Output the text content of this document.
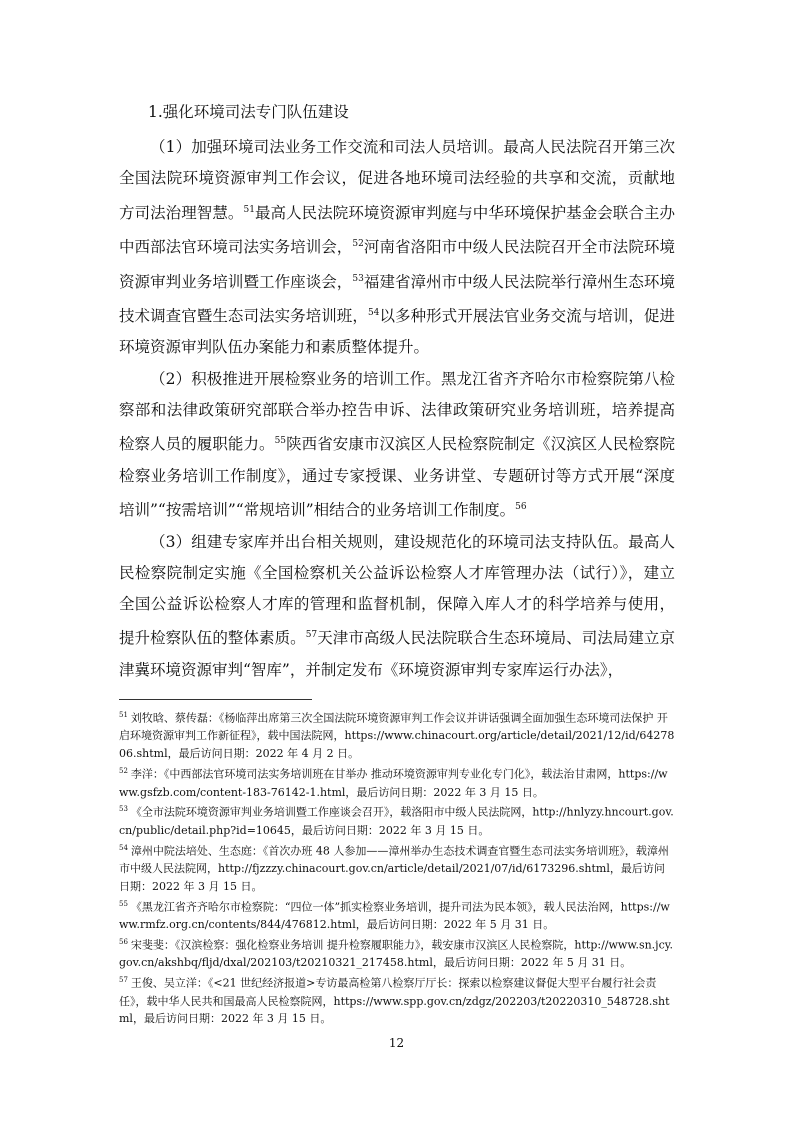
1.强化环境司法专门队伍建设

（1）加强环境司法业务工作交流和司法人员培训。最高人民法院召开第三次全国法院环境资源审判工作会议，促进各地环境司法经验的共享和交流，贡献地方司法治理智慧。$^{51}$最高人民法院环境资源审判庭与中华环境保护基金会联合主办中西部法官环境司法实务培训会，$^{52}$河南省洛阳市中级人民法院召开全市法院环境资源审判业务培训暨工作座谈会，$^{53}$福建省漳州市中级人民法院举行漳州生态环境技术调查官暨生态司法实务培训班，$^{54}$以多种形式开展法官业务交流与培训，促进环境资源审判队伍办案能力和素质整体提升。

（2）积极推进开展检察业务的培训工作。黑龙江省齐齐哈尔市检察院第八检察部和法律政策研究部联合举办控告申诉、法律政策研究业务培训班，培养提高检察人员的履职能力。$^{55}$陕西省安康市汉滨区人民检察院制定《汉滨区人民检察院检察业务培训工作制度》，通过专家授课、业务讲堂、专题研讨等方式开展“深度培训”“按需培训”“常规培训”相结合的业务培训工作制度。$^{56}$

（3）组建专家库并出台相关规则，建设规范化的环境司法支持队伍。最高人民检察院制定实施《全国检察机关公益诉讼检察人才库管理办法（试行）》，建立全国公益诉讼检察人才库的管理和监督机制，保障入库人才的科学培养与使用，提升检察队伍的整体素质。$^{57}$天津市高级人民法院联合生态环境局、司法局建立京津冀环境资源审判“智库”，并制定发布《环境资源审判专家库运行办法》，

$^{51}$ 刘牧晗、蔡传磊：《杨临萍出席第三次全国法院环境资源审判工作会议并讲话强调全面加强生态环境司法保护 开启环境资源审判工作新征程》，载中国法院网，https://www.chinacourt.org/article/detail/2021/12/id/6427806.shtml，最后访问日期：2022 年 4 月 2 日。

$^{52}$ 李洋：《中西部法官环境司法实务培训班在甘举办 推动环境资源审判专业化专门化》，载法治甘肃网，https://www.gsfzb.com/content-183-76142-1.html，最后访问日期：2022 年 3 月 15 日。

$^{53}$ 《全市法院环境资源审判业务培训暨工作座谈会召开》，载洛阳市中级人民法院网，http://hnlyzy.hncourt.gov.cn/public/detail.php?id=10645，最后访问日期：2022 年 3 月 15 日。

$^{54}$ 漳州中院法培处、生态庭：《首次办班 48 人参加——漳州举办生态技术调查官暨生态司法实务培训班》，载漳州市中级人民法院网，http://fjzzzy.chinacourt.gov.cn/article/detail/2021/07/id/6173296.shtml，最后访问日期：2022 年 3 月 15 日。

$^{55}$ 《黑龙江省齐齐哈尔市检察院：“四位一体”抓实检察业务培训，提升司法为民本领》，载人民法治网，https://www.rmfz.org.cn/contents/844/476812.html，最后访问日期：2022 年 5 月 31 日。

$^{56}$ 宋斐斐：《汉滨检察：强化检察业务培训 提升检察履职能力》，载安康市汉滨区人民检察院，http://www.sn.jcy.gov.cn/akshbq/fljd/dxal/202103/t20210321_217458.html，最后访问日期：2022 年 5 月 31 日。

$^{57}$ 王俊、吴立洋：《<21 世纪经济报道>专访最高检第八检察厅厅长：探索以检察建议督促大型平台履行社会责任》，载中华人民共和国最高人民检察院网，https://www.spp.gov.cn/zdgz/202203/t20220310_548728.shtml，最后访问日期：2022 年 3 月 15 日。

12
